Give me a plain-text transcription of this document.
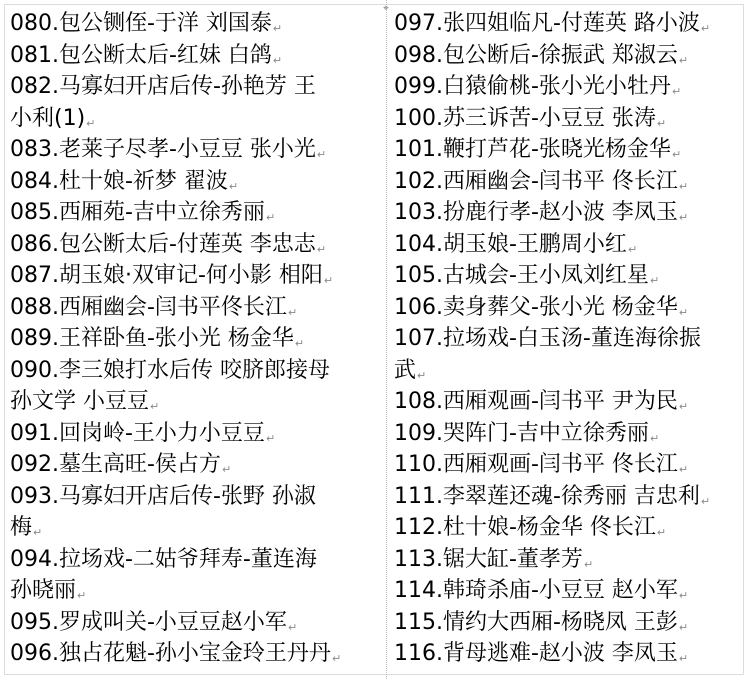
⌖
080.包公铡侄-于洋 刘国泰↵
081.包公断太后-红妹 白鸽↵
082.马寡妇开店后传-孙艳芳 王
小利(1)↵
083.老莱子尽孝-小豆豆 张小光↵
084.杜十娘-祈梦 翟波↵
085.西厢苑-吉中立徐秀丽↵
086.包公断太后-付莲英 李忠志↵
087.胡玉娘·双审记-何小影 相阳↵
088.西厢幽会-闫书平佟长江↵
089.王祥卧鱼-张小光 杨金华↵
090.李三娘打水后传 咬脐郎接母
孙文学 小豆豆↵
091.回岗岭-王小力小豆豆↵
092.墓生高旺-侯占方↵
093.马寡妇开店后传-张野 孙淑
梅↵
094.拉场戏-二姑爷拜寿-董连海
孙晓丽↵
095.罗成叫关-小豆豆赵小军↵
096.独占花魁-孙小宝金玲王丹丹↵
097.张四姐临凡-付莲英 路小波↵
098.包公断后-徐振武 郑淑云↵
099.白猿偷桃-张小光小牡丹↵
100.苏三诉苦-小豆豆 张涛↵
101.鞭打芦花-张晓光杨金华↵
102.西厢幽会-闫书平 佟长江↵
103.扮鹿行孝-赵小波 李凤玉↵
104.胡玉娘-王鹏周小红↵
105.古城会-王小凤刘红星↵
106.卖身葬父-张小光 杨金华↵
107.拉场戏-白玉汤-董连海徐振
武↵
108.西厢观画-闫书平 尹为民↵
109.哭阵门-吉中立徐秀丽↵
110.西厢观画-闫书平 佟长江↵
111.李翠莲还魂-徐秀丽 吉忠利↵
112.杜十娘-杨金华 佟长江↵
113.锯大缸-董孝芳↵
114.韩琦杀庙-小豆豆 赵小军↵
115.情约大西厢-杨晓凤 王彭↵
116.背母逃难-赵小波 李凤玉↵
